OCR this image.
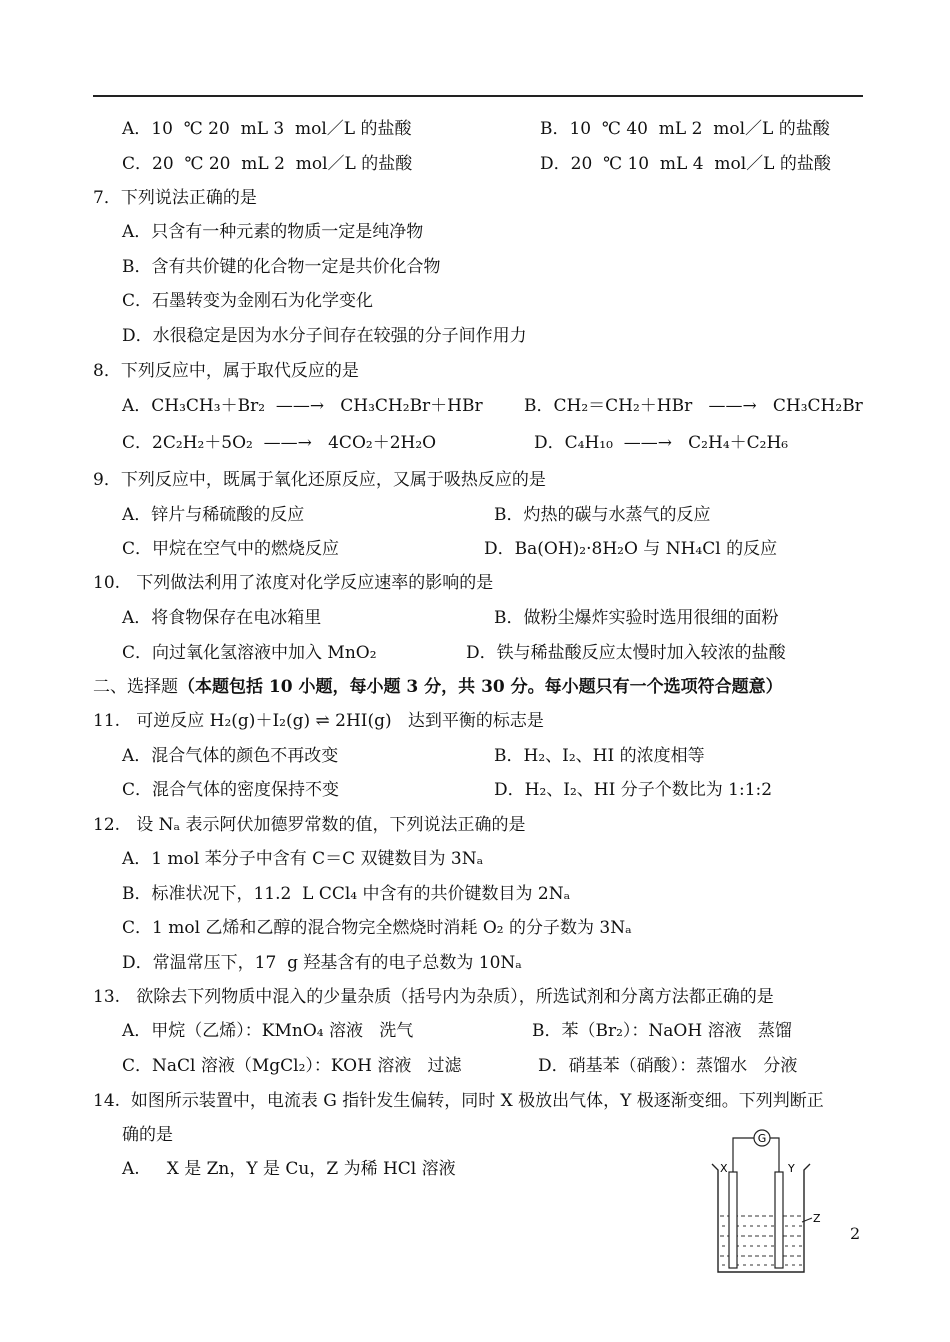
A．10  ℃ 20  mL 3  mol／L 的盐酸	B．10  ℃ 40  mL 2  mol／L 的盐酸
C．20  ℃ 20  mL 2  mol／L 的盐酸	D．20  ℃ 10  mL 4  mol／L 的盐酸
7．下列说法正确的是
A．只含有一种元素的物质一定是纯净物
B．含有共价键的化合物一定是共价化合物
C．石墨转变为金刚石为化学变化
D．水很稳定是因为水分子间存在较强的分子间作用力
8．下列反应中，属于取代反应的是
A．CH₃CH₃＋Br₂  ——→   CH₃CH₂Br＋HBr B．CH₂＝CH₂＋HBr   ——→   CH₃CH₂Br
C．2C₂H₂＋5O₂  ——→   4CO₂＋2H₂O	D．C₄H₁₀  ——→   C₂H₄＋C₂H₆
9．下列反应中，既属于氧化还原反应，又属于吸热反应的是
A．锌片与稀硫酸的反应	B．灼热的碳与水蒸气的反应
C．甲烷在空气中的燃烧反应	D．Ba(OH)₂·8H₂O 与 NH₄Cl 的反应
10.   下列做法利用了浓度对化学反应速率的影响的是
A．将食物保存在电冰箱里	B．做粉尘爆炸实验时选用很细的面粉
C．向过氧化氢溶液中加入 MnO₂	D．铁与稀盐酸反应太慢时加入较浓的盐酸
二、选择题（本题包括 10 小题，每小题 3 分，共 30 分。每小题只有一个选项符合题意）
11.   可逆反应 H₂(g)＋I₂(g) ⇌ 2HI(g)   达到平衡的标志是
A．混合气体的颜色不再改变	B．H₂、I₂、HI 的浓度相等
C．混合气体的密度保持不变	D．H₂、I₂、HI 分子个数比为 1:1:2
12.   设 Nₐ 表示阿伏加德罗常数的值，下列说法正确的是
A．1 mol 苯分子中含有 C＝C 双键数目为 3Nₐ
B．标准状况下，11.2  L CCl₄ 中含有的共价键数目为 2Nₐ
C．1 mol 乙烯和乙醇的混合物完全燃烧时消耗 O₂ 的分子数为 3Nₐ
D．常温常压下，17  g 羟基含有的电子总数为 10Nₐ
13.   欲除去下列物质中混入的少量杂质（括号内为杂质），所选试剂和分离方法都正确的是
A．甲烷（乙烯）：KMnO₄ 溶液   洗气	B．苯（Br₂）：NaOH 溶液   蒸馏
C．NaCl 溶液（MgCl₂）：KOH 溶液   过滤	D．硝基苯（硝酸）：蒸馏水   分液
14.  如图所示装置中，电流表 G 指针发生偏转，同时 X 极放出气体，Y 极逐渐变细。下列判断正
确的是
A.     X 是 Zn，Y 是 Cu，Z 为稀 HCl 溶液
G
X	Y
Z
2
